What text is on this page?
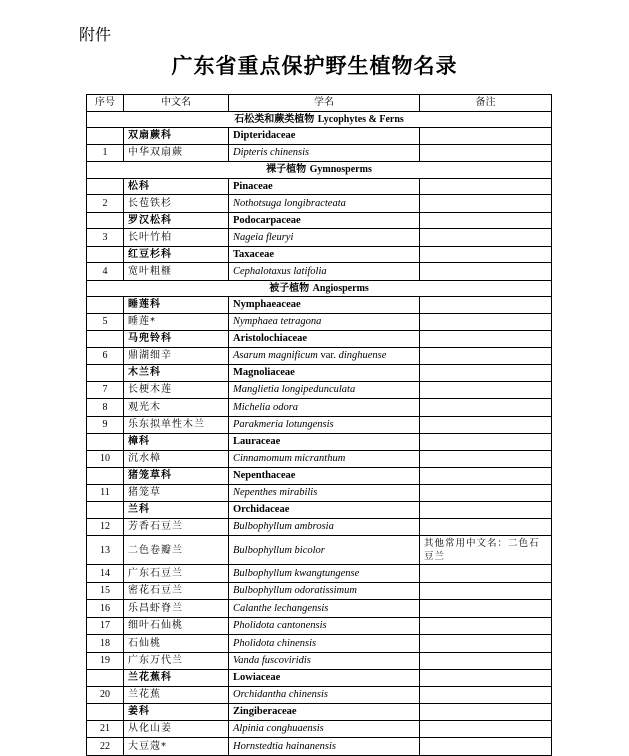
附件
广东省重点保护野生植物名录
序号	中文名	学名	备注
石松类和蕨类植物 Lycophytes & Ferns			
	双扇蕨科	Dipteridaceae	
1	中华双扇蕨	Dipteris chinensis	
裸子植物 Gymnosperms			
	松科	Pinaceae	
2	长苞铁杉	Nothotsuga longibracteata	
	罗汉松科	Podocarpaceae	
3	长叶竹柏	Nageia fleuryi	
	红豆杉科	Taxaceae	
4	宽叶粗榧	Cephalotaxus latifolia	
被子植物 Angiosperms			
	睡莲科	Nymphaeaceae	
5	睡莲*	Nymphaea tetragona	
	马兜铃科	Aristolochiaceae	
6	鼎湖细辛	Asarum magnificum var. dinghuense	
	木兰科	Magnoliaceae	
7	长梗木莲	Manglietia longipedunculata	
8	观光木	Michelia odora	
9	乐东拟单性木兰	Parakmeria lotungensis	
	樟科	Lauraceae	
10	沉水樟	Cinnamomum micranthum	
	猪笼草科	Nepenthaceae	
11	猪笼草	Nepenthes mirabilis	
	兰科	Orchidaceae	
12	芳香石豆兰	Bulbophyllum ambrosia	
13	二色卷瓣兰	Bulbophyllum bicolor	其他常用中文名：二色石豆兰
14	广东石豆兰	Bulbophyllum kwangtungense	
15	密花石豆兰	Bulbophyllum odoratissimum	
16	乐昌虾脊兰	Calanthe lechangensis	
17	细叶石仙桃	Pholidota cantonensis	
18	石仙桃	Pholidota chinensis	
19	广东万代兰	Vanda fuscoviridis	
	兰花蕉科	Lowiaceae	
20	兰花蕉	Orchidantha chinensis	
	姜科	Zingiberaceae	
21	从化山姜	Alpinia conghuaensis	
22	大豆蔻*	Hornstedtia hainanensis	
